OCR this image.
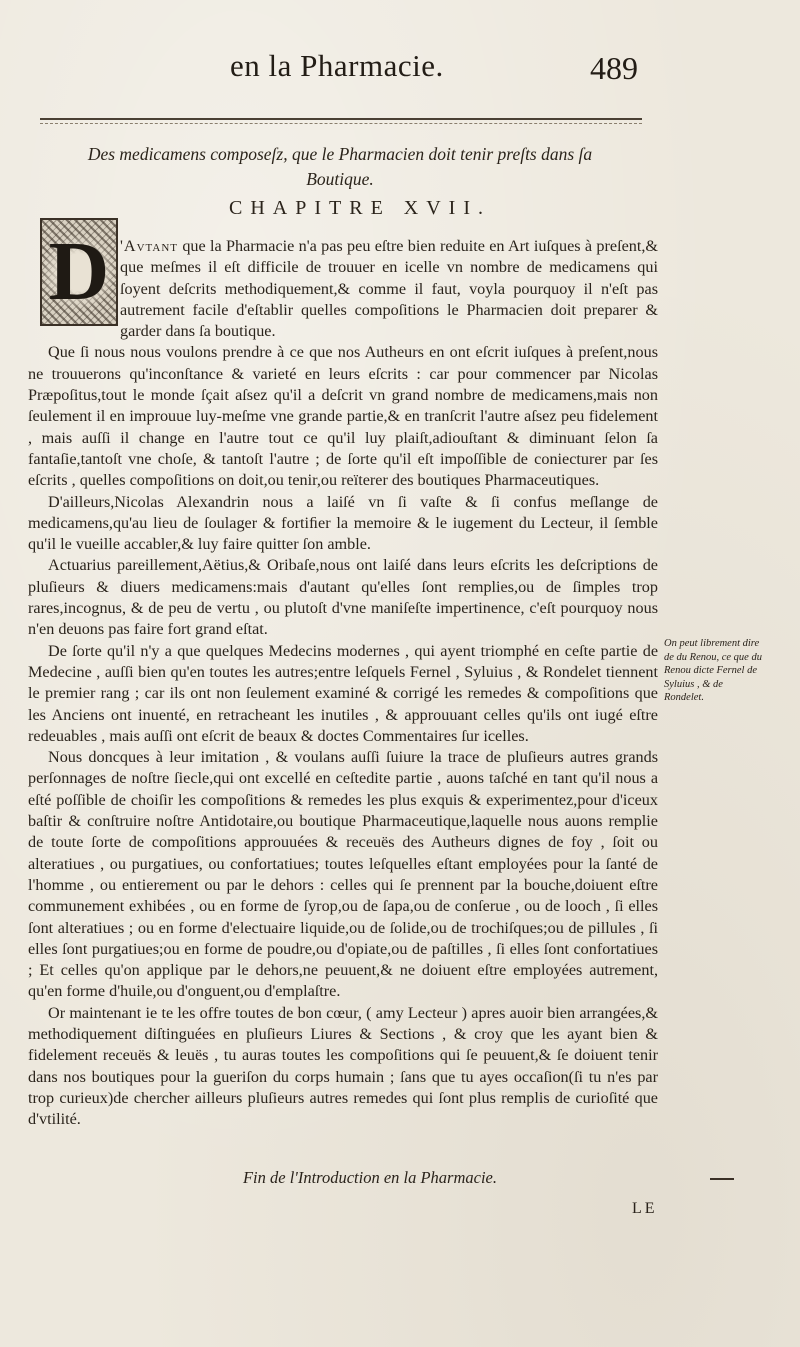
en la Pharmacie.	489
Des medicamens composeſz, que le Pharmacien doit tenir preſts dans ſa Boutique.
CHAPITRE XVII.
D 'Avtant que la Pharmacie n'a pas peu eſtre bien reduite en Art iuſques à preſent,& que meſmes il eſt difficile de trouuer en icelle vn nombre de medicamens qui ſoyent deſcrits methodiquement,& comme il faut, voyla pourquoy il n'eſt pas autrement facile d'eſtablir quelles compoſitions le Pharmacien doit preparer & garder dans ſa boutique.

Que ſi nous nous voulons prendre à ce que nos Autheurs en ont eſcrit iuſques à preſent,nous ne trouuerons qu'inconſtance & varieté en leurs eſcrits : car pour commencer par Nicolas Præpoſitus,tout le monde ſçait aſsez qu'il a deſcrit vn grand nombre de medicamens,mais non ſeulement il en improuue luy-meſme vne grande partie,& en tranſcrit l'autre aſsez peu fidelement , mais auſſi il change en l'autre tout ce qu'il luy plaiſt,adiouſtant & diminuant ſelon ſa fantaſie,tantoſt vne choſe, & tantoſt l'autre ; de ſorte qu'il eſt impoſſible de coniecturer par ſes eſcrits , quelles compoſitions on doit,ou tenir,ou reïterer des boutiques Pharmaceutiques.

D'ailleurs,Nicolas Alexandrin nous a laiſé vn ſi vaſte & ſi confus meſlange de medicamens,qu'au lieu de ſoulager & fortiﬁer la memoire & le iugement du Lecteur, il ſemble qu'il le vueille accabler,& luy faire quitter ſon amble.

Actuarius pareillement,Aëtius,& Oribaſe,nous ont laiſé dans leurs eſcrits les deſcriptions de pluſieurs & diuers medicamens:mais d'autant qu'elles ſont remplies,ou de ſimples trop rares,incognus, & de peu de vertu , ou plutoſt d'vne maniſeſte impertinence, c'eſt pourquoy nous n'en deuons pas faire fort grand eſtat.

De ſorte qu'il n'y a que quelques Medecins modernes , qui ayent triomphé en ceſte partie de Medecine , auſſi bien qu'en toutes les autres;entre leſquels Fernel , Syluius , & Rondelet tiennent le premier rang ; car ils ont non ſeulement examiné & corrigé les remedes & compoſitions que les Anciens ont inuenté, en retracheant les inutiles , & approuuant celles qu'ils ont iugé eſtre redeuables , mais auſſi ont eſcrit de beaux & doctes Commentaires ſur icelles.

Nous doncques à leur imitation , & voulans auſſi ſuiure la trace de pluſieurs autres grands perſonnages de noſtre ſiecle,qui ont excellé en ceſtedite partie , auons taſché en tant qu'il nous a eſté poſſible de choiſir les compoſitions & remedes les plus exquis & experimentez,pour d'iceux baſtir & conſtruire noſtre Antidotaire,ou boutique Pharmaceutique,laquelle nous auons remplie de toute ſorte de compoſitions approuuées & receuës des Autheurs dignes de foy , ſoit ou alteratiues , ou purgatiues, ou confortatiues; toutes leſquelles eſtant employées pour la ſanté de l'homme , ou entierement ou par le dehors : celles qui ſe prennent par la bouche,doiuent eſtre communement exhibées , ou en forme de ſyrop,ou de ſapa,ou de conſerue , ou de looch , ſi elles ſont alteratiues ; ou en forme d'electuaire liquide,ou de ſolide,ou de trochiſques;ou de pillules , ſi elles ſont purgatiues;ou en forme de poudre,ou d'opiate,ou de paſtilles , ſi elles ſont confortatiues ; Et celles qu'on applique par le dehors,ne peuuent,& ne doiuent eſtre employées autrement, qu'en forme d'huile,ou d'onguent,ou d'emplaſtre.

Or maintenant ie te les offre toutes de bon cœur, ( amy Lecteur ) apres auoir bien arrangées,& methodiquement diſtinguées en pluſieurs Liures & Sections , & croy que les ayant bien & fidelement receuës & leuës , tu auras toutes les compoſitions qui ſe peuuent,& ſe doiuent tenir dans nos boutiques pour la gueriſon du corps humain ; ſans que tu ayes occaſion(ſi tu n'es par trop curieux)de chercher ailleurs pluſieurs autres remedes qui ſont plus remplis de curioſité que d'vtilité.

On peut librement dire de du Renou, ce que du Renou dicte Fernel de Syluius , & de Rondelet.
Fin de l'Introduction en la Pharmacie.
LE
